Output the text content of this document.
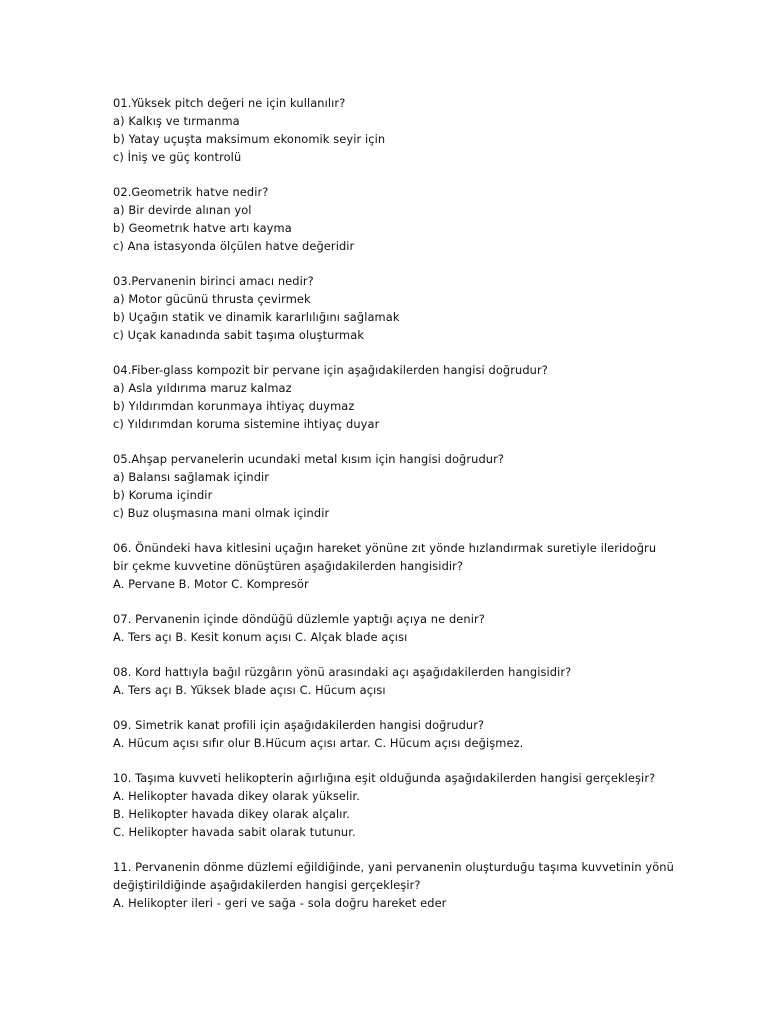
01.Yüksek pitch değeri ne için kullanılır?
a) Kalkış ve tırmanma
b) Yatay uçuşta maksimum ekonomik seyir için
c) İniş ve güç kontrolü
02.Geometrik hatve nedir?
a) Bir devirde alınan yol
b) Geometrık hatve artı kayma
c) Ana istasyonda ölçülen hatve değeridir
03.Pervanenin birinci amacı nedir?
a) Motor gücünü thrusta çevirmek
b) Uçağın statik ve dinamik kararlılığını sağlamak
c) Uçak kanadında sabit taşıma oluşturmak
04.Fiber-glass kompozit bir pervane için aşağıdakilerden hangisi doğrudur?
a) Asla yıldırıma maruz kalmaz
b) Yıldırımdan korunmaya ihtiyaç duymaz
c) Yıldırımdan koruma sistemine ihtiyaç duyar
05.Ahşap pervanelerin ucundaki metal kısım için hangisi doğrudur?
a) Balansı sağlamak içindir
b) Koruma içindir
c) Buz oluşmasına mani olmak içindir
06. Önündeki hava kitlesini uçağın hareket yönüne zıt yönde hızlandırmak suretiyle ileridoğru
bir çekme kuvvetine dönüştüren aşağıdakilerden hangisidir?
A. Pervane B. Motor C. Kompresör
07. Pervanenin içinde döndüğü düzlemle yaptığı açıya ne denir?
A. Ters açı B. Kesit konum açısı C. Alçak blade açısı
08. Kord hattıyla bağıl rüzgârın yönü arasındaki açı aşağıdakilerden hangisidir?
A. Ters açı B. Yüksek blade açısı C. Hücum açısı
09. Simetrik kanat profili için aşağıdakilerden hangisi doğrudur?
A. Hücum açısı sıfır olur B.Hücum açısı artar. C. Hücum açısı değişmez.
10. Taşıma kuvveti helikopterin ağırlığına eşit olduğunda aşağıdakilerden hangisi gerçekleşir?
A. Helikopter havada dikey olarak yükselir.
B. Helikopter havada dikey olarak alçalır.
C. Helikopter havada sabit olarak tutunur.
11. Pervanenin dönme düzlemi eğildiğinde, yani pervanenin oluşturduğu taşıma kuvvetinin yönü
değiştirildiğinde aşağıdakilerden hangisi gerçekleşir?
A. Helikopter ileri - geri ve sağa - sola doğru hareket eder
